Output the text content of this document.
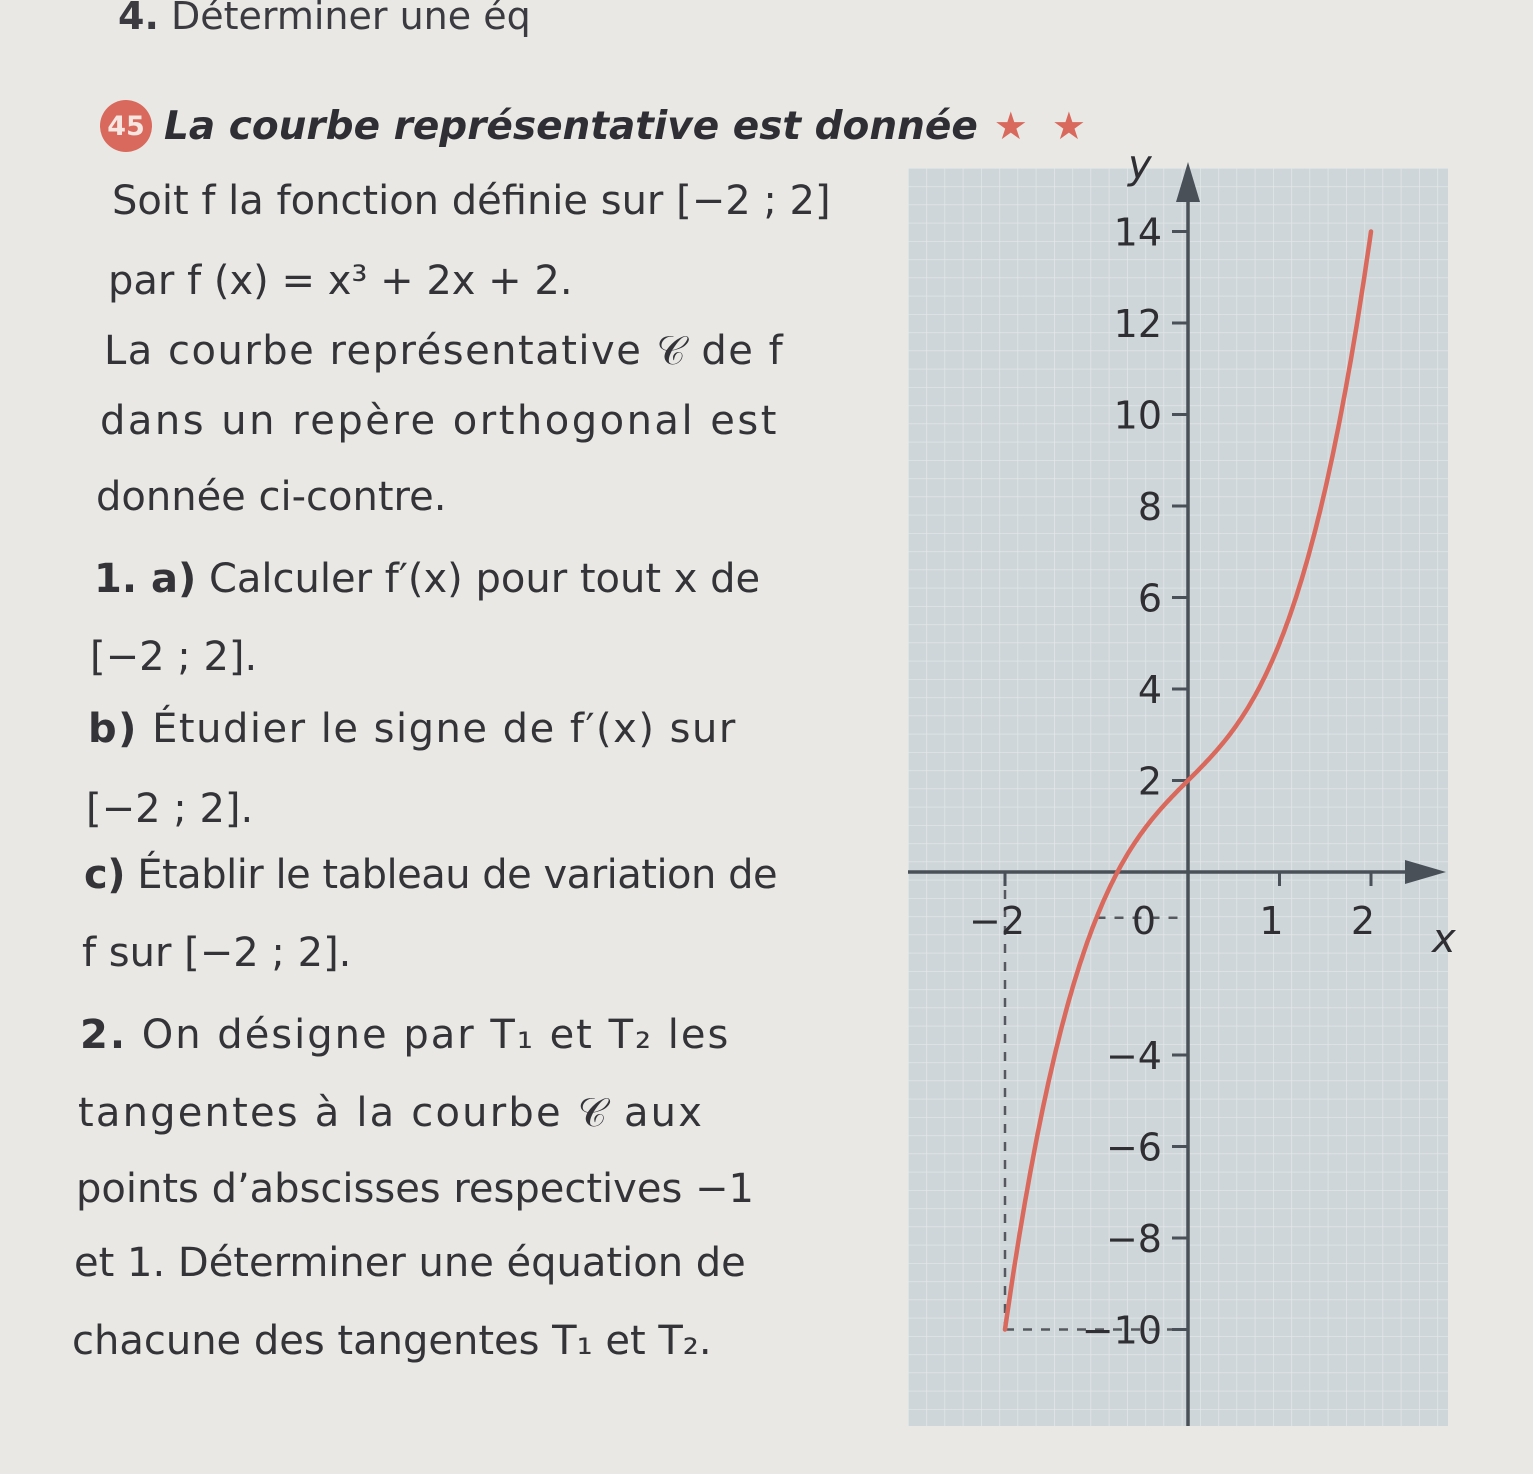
4. Déterminer une éq
45 La courbe représentative est donnée ★ ★
Soit f la fonction définie sur [−2 ; 2]
par f (x) = x³ + 2x + 2.
La courbe représentative 𝒞 de f
dans un repère orthogonal est
donnée ci-contre.
1. a) Calculer f′(x) pour tout x de
[−2 ; 2].
b) Étudier le signe de f′(x) sur
[−2 ; 2].
c) Établir le tableau de variation de
f sur [−2 ; 2].
2. On désigne par T₁ et T₂ les
tangentes à la courbe 𝒞 aux
points d’abscisses respectives −1
et 1. Déterminer une équation de
chacune des tangentes T₁ et T₂.
−2	0	1 2
−10
−8
−6
−4
2
4
6
8
10
12
14
x
y
